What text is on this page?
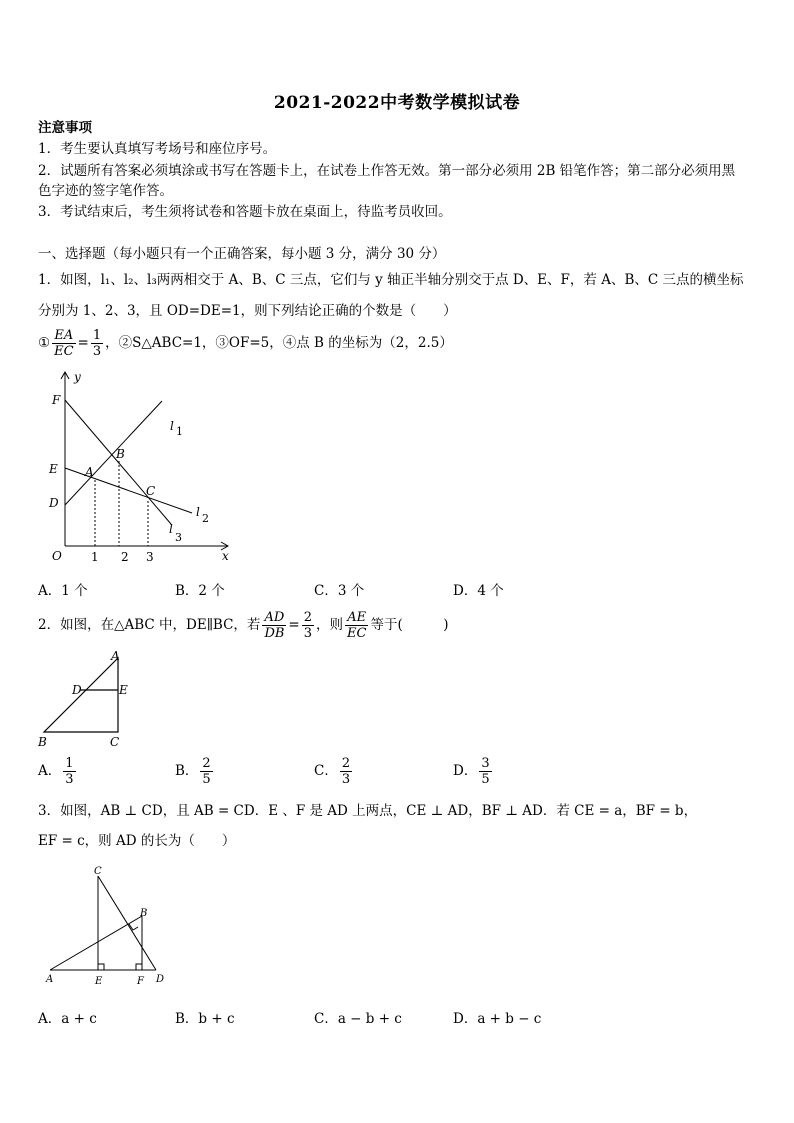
2021-2022中考数学模拟试卷
注意事项
1．考生要认真填写考场号和座位序号。
2．试题所有答案必须填涂或书写在答题卡上，在试卷上作答无效。第一部分必须用 2B 铅笔作答；第二部分必须用黑
色字迹的签字笔作答。
3．考试结束后，考生须将试卷和答题卡放在桌面上，待监考员收回。
一、选择题（每小题只有一个正确答案，每小题 3 分，满分 30 分）
1．如图，l₁、l₂、l₃两两相交于 A、B、C 三点，它们与 y 轴正半轴分别交于点 D、E、F，若 A、B、C 三点的横坐标
分别为 1、2、3，且 OD=DE=1，则下列结论正确的个数是（　　）
① $\frac{EA}{EC} = \frac{1}{3}$ ，②S△ABC=1，③OF=5，④点 B 的坐标为（2，2.5）
y
x
O
F
E
D
A
B
C
l 1
l 2
l
3
1 2 3
A．1 个	B．2 个	C．3 个	D．4 个
2．如图，在△ABC 中，DE∥BC，若 $\frac{AD}{DB} = \frac{2}{3}$ ，则 $\frac{AE}{EC}$ 等于(　　　)
A
B	C
D	E
A． $\frac{1}{3}$	B． $\frac{2}{5}$	C． $\frac{2}{3}$	D． $\frac{3}{5}$
3．如图，AB ⊥ CD，且 AB = CD．E 、F 是 AD 上两点，CE ⊥ AD，BF ⊥ AD．若 CE = a，BF = b，
EF = c，则 AD 的长为（　　）
C
B
A	E	F D
A．a + c	B．b + c	C．a − b + c	D．a + b − c
